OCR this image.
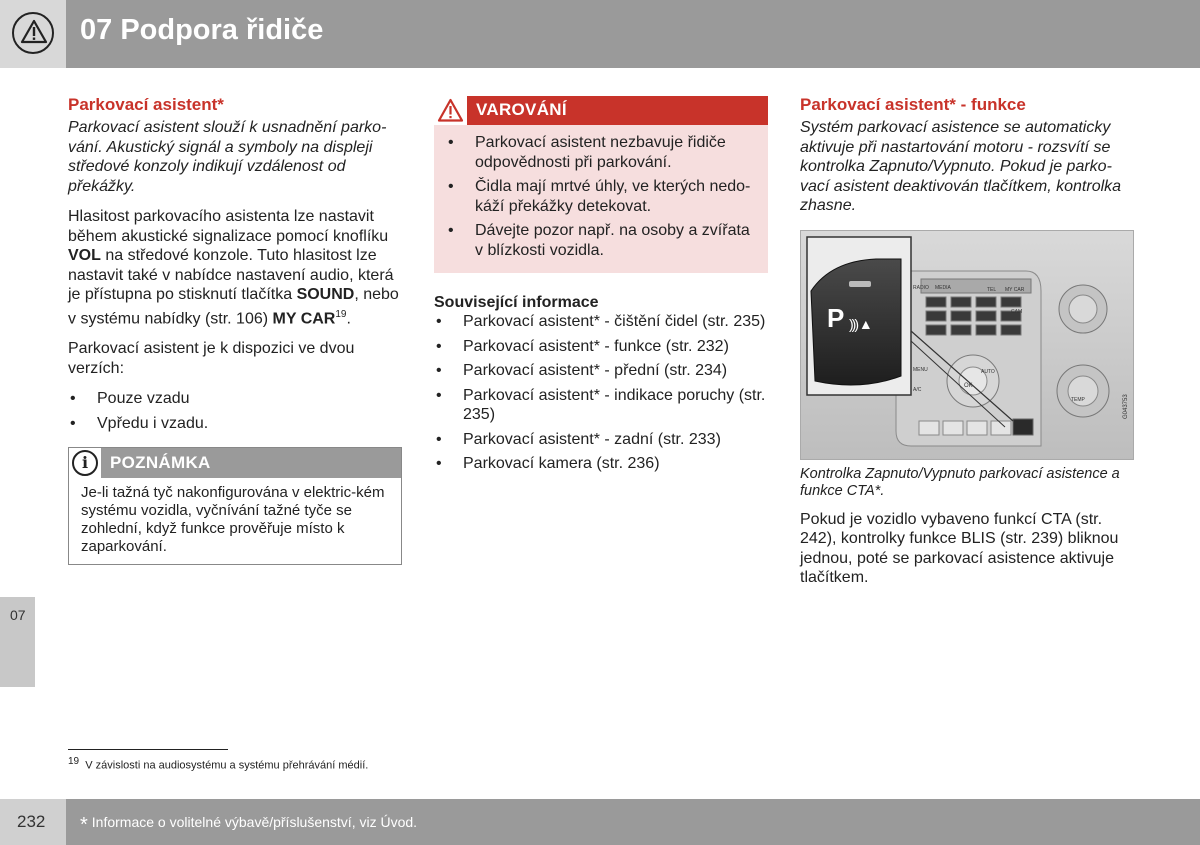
07 Podpora řidiče
07
Parkovací asistent*

Parkovací asistent slouží k usnadnění parko-vání. Akustický signál a symboly na displeji středové konzoly indikují vzdálenost od překážky.

Hlasitost parkovacího asistenta lze nastavit během akustické signalizace pomocí knoflíku VOL na středové konzole. Tuto hlasitost lze nastavit také v nabídce nastavení audio, která je přístupna po stisknutí tlačítka SOUND, nebo v systému nabídky (str. 106) MY CAR$^{19}$.

Parkovací asistent je k dispozici ve dvou verzích:

• Pouze vzadu
• Vpředu i vzadu.
i	POZNÁMKA
Je-li tažná tyč nakonfigurována v elektric-kém systému vozidla, vyčnívání tažné tyče se zohlední, když funkce prověřuje místo k zaparkování.
VAROVÁNÍ
• Parkovací asistent nezbavuje řidiče odpovědnosti při parkování.
• Čidla mají mrtvé úhly, ve kterých nedo-káží překážky detekovat.
• Dávejte pozor např. na osoby a zvířata v blízkosti vozidla.
Související informace
• Parkovací asistent* - čištění čidel (str. 235)
• Parkovací asistent* - funkce (str. 232)
• Parkovací asistent* - přední (str. 234)
• Parkovací asistent* - indikace poruchy (str. 235)
• Parkovací asistent* - zadní (str. 233)
• Parkovací kamera (str. 236)
Parkovací asistent* - funkce

Systém parkovací asistence se automaticky aktivuje při nastartování motoru - rozsvítí se kontrolka Zapnuto/Vypnuto. Pokud je parko-vací asistent deaktivován tlačítkem, kontrolka zhasne.

P ))) ▲
RADIO MEDIA	TEL MY CAR
CAM
OK
MENU	AUTO
A/C
TEMP	G043753

Kontrolka Zapnuto/Vypnuto parkovací asistence a funkce CTA*.

Pokud je vozidlo vybaveno funkcí CTA (str. 242), kontrolky funkce BLIS (str. 239) bliknou jednou, poté se parkovací asistence aktivuje tlačítkem.

$^{19}$ V závislosti na audiosystému a systému přehrávání médií.
232 * Informace o volitelné výbavě/příslušenství, viz Úvod.
